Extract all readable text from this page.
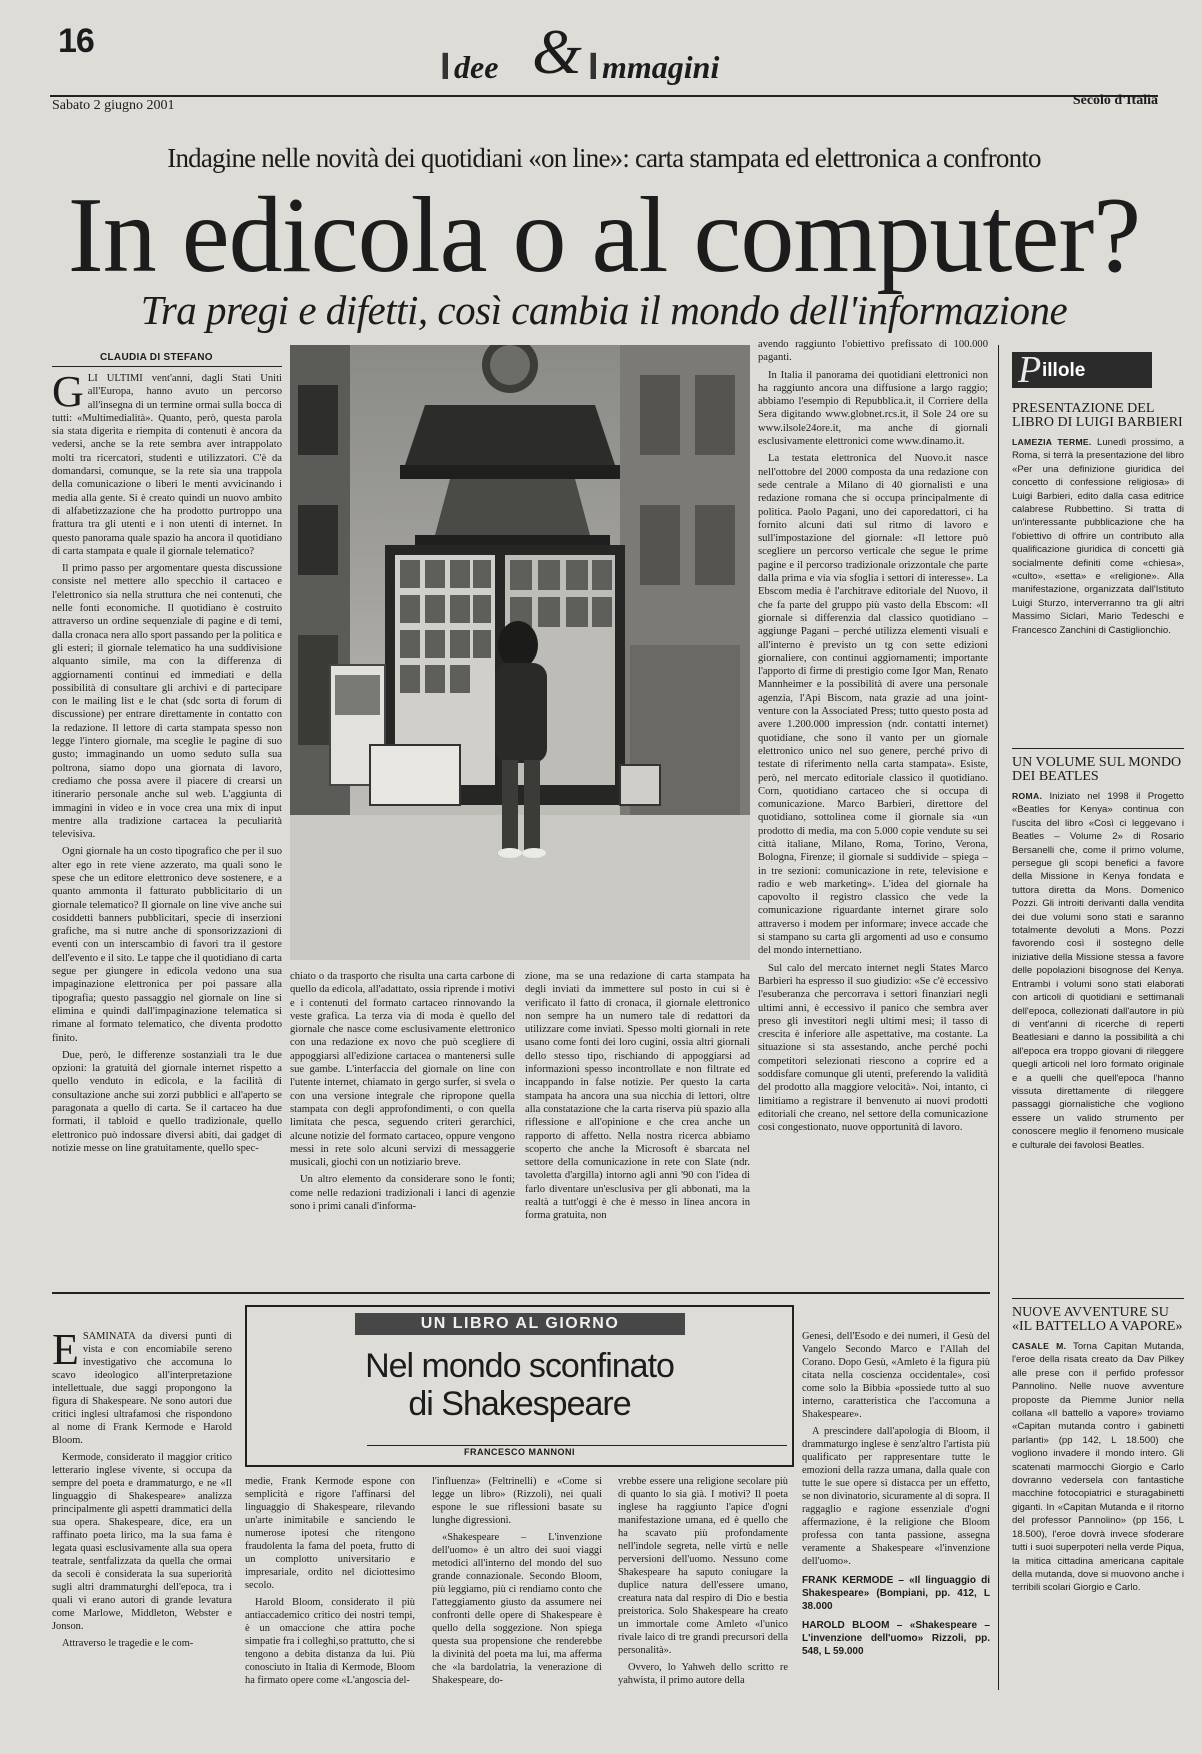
16
I dee & I mmagini
Sabato 2 giugno 2001	Secolo d'Italia
Indagine nelle novità dei quotidiani «on line»: carta stampata ed elettronica a confronto
In edicola o al computer?
Tra pregi e difetti, così cambia il mondo dell'informazione
CLAUDIA DI STEFANO

GLI ULTIMI vent'anni, dagli Stati Uniti all'Europa, hanno avuto un percorso all'insegna di un termine ormai sulla bocca di tutti: «Multimedialità». Quanto, però, questa parola sia stata digerita e riempita di contenuti è ancora da vedersi, anche se la rete sembra aver intrappolato molti tra ricercatori, studenti e utilizzatori. C'è da domandarsi, comunque, se la rete sia una trappola della comunicazione o liberi le menti avvicinando i media alla gente. Si è creato quindi un nuovo ambito di alfabetizzazione che ha prodotto purtroppo una frattura tra gli utenti e i non utenti di internet. In questo panorama quale spazio ha ancora il quotidiano di carta stampata e quale il giornale telematico?

Il primo passo per argomentare questa discussione consiste nel mettere allo specchio il cartaceo e l'elettronico sia nella struttura che nei contenuti, che nelle fonti economiche. Il quotidiano è costruito attraverso un ordine sequenziale di pagine e di temi, dalla cronaca nera allo sport passando per la politica e gli esteri; il giornale telematico ha una suddivisione alquanto simile, ma con la differenza di aggiornamenti continui ed immediati e della possibilità di consultare gli archivi e di partecipare con le mailing list e le chat (sdc sorta di forum di discussione) per entrare direttamente in contatto con la redazione. Il lettore di carta stampata spesso non legge l'intero giornale, ma sceglie le pagine di suo gusto; immaginando un uomo seduto sulla sua poltrona, siamo dopo una giornata di lavoro, crediamo che possa avere il piacere di crearsi un itinerario personale anche sul web. L'aggiunta di immagini in video e in voce crea una mix di input mentre alla tradizione cartacea la peculiarità televisiva.

Ogni giornale ha un costo tipografico che per il suo alter ego in rete viene azzerato, ma quali sono le spese che un editore elettronico deve sostenere, e a quanto ammonta il fatturato pubblicitario di un giornale telematico? Il giornale on line vive anche sui cosiddetti banners pubblicitari, specie di inserzioni grafiche, ma si nutre anche di sponsorizzazioni di eventi con un interscambio di favori tra il gestore dell'evento e il sito. Le tappe che il quotidiano di carta segue per giungere in edicola vedono una sua impaginazione elettronica per poi passare alla tipografia; questo passaggio nel giornale on line si elimina e quindi dall'impaginazione telematica si rimane al formato telematico, che diventa prodotto finito.

Due, però, le differenze sostanziali tra le due opzioni: la gratuità del giornale internet rispetto a quello venduto in edicola, e la facilità di consultazione anche sui zorzi pubblici e all'aperto se paragonata a quello di carta. Se il cartaceo ha due formati, il tabloid e quello tradizionale, quello elettronico può indossare diversi abiti, dai gadget di notizie messe on line gratuitamente, quello spec-

chiato o da trasporto che risulta una carta carbone di quello da edicola, all'adattato, ossia riprende i motivi e i contenuti del formato cartaceo rinnovando la veste grafica. La terza via di moda è quello del giornale che nasce come esclusivamente elettronico con una redazione ex novo che può scegliere di appoggiarsi all'edizione cartacea o mantenersi sulle sue gambe. L'interfaccia del giornale on line con l'utente internet, chiamato in gergo surfer, si svela o con una versione integrale che ripropone quella stampata con degli approfondimenti, o con quella limitata che pesca, seguendo criteri gerarchici, alcune notizie del formato cartaceo, oppure vengono messi in rete solo alcuni servizi di messaggerie musicali, giochi con un notiziario breve.

Un altro elemento da considerare sono le fonti; come nelle redazioni tradizionali i lanci di agenzie sono i primi canali d'informa-

zione, ma se una redazione di carta stampata ha degli inviati da immettere sul posto in cui si è verificato il fatto di cronaca, il giornale elettronico non sempre ha un numero tale di redattori da utilizzare come inviati. Spesso molti giornali in rete usano come fonti dei loro cugini, ossia altri giornali dello stesso tipo, rischiando di appoggiarsi ad informazioni spesso incontrollate e non filtrate ed incappando in false notizie. Per questo la carta stampata ha ancora una sua nicchia di lettori, oltre alla constatazione che la carta riserva più spazio alla riflessione e all'opinione e che crea anche un rapporto di affetto. Nella nostra ricerca abbiamo scoperto che anche la Microsoft è sbarcata nel settore della comunicazione in rete con Slate (ndr. tavoletta d'argilla) intorno agli anni '90 con l'idea di farlo diventare un'esclusiva per gli abbonati, ma la realtà a tutt'oggi è che è messo in linea ancora in forma gratuita, non

avendo raggiunto l'obiettivo prefissato di 100.000 paganti.

In Italia il panorama dei quotidiani elettronici non ha raggiunto ancora una diffusione a largo raggio; abbiamo l'esempio di Repubblica.it, il Corriere della Sera digitando www.globnet.rcs.it, il Sole 24 ore su www.ilsole24ore.it, ma anche di giornali esclusivamente elettronici come www.dinamo.it.

La testata elettronica del Nuovo.it nasce nell'ottobre del 2000 composta da una redazione con sede centrale a Milano di 40 giornalisti e una redazione romana che si occupa principalmente di politica. Paolo Pagani, uno dei caporedattori, ci ha fornito alcuni dati sul ritmo di lavoro e sull'impostazione del giornale: «Il lettore può scegliere un percorso verticale che segue le prime pagine e il percorso tradizionale orizzontale che parte dalla prima e via via sfoglia i settori di interesse». La Ebscom media è l'architrave editoriale del Nuovo, il che fa parte del gruppo più vasto della Ebscom: «Il giornale si differenzia dal classico quotidiano – aggiunge Pagani – perché utilizza elementi visuali e all'interno è previsto un tg con sette edizioni giornaliere, con continui aggiornamenti; importante l'apporto di firme di prestigio come Igor Man, Renato Mannheimer e la possibilità di avere una personale agenzia, l'Api Biscom, nata grazie ad una joint-venture con la Associated Press; tutto questo posta ad avere 1.200.000 impression (ndr. contatti internet) quotidiane, che sono il vanto per un giornale elettronico unico nel suo genere, perché privo di testate di riferimento nella carta stampata». Esiste, però, nel mercato editoriale classico il quotidiano. Corn, quotidiano cartaceo che si occupa di comunicazione. Marco Barbieri, direttore del quotidiano, sottolinea come il giornale sia «un prodotto di media, ma con 5.000 copie vendute su sei città italiane, Milano, Roma, Torino, Verona, Bologna, Firenze; il giornale si suddivide – spiega – in tre sezioni: comunicazione in rete, televisione e radio e web marketing». L'idea del giornale ha capovolto il registro classico che vede la comunicazione riguardante internet girare solo attraverso i modem per informare; invece accade che si stampano su carta gli argomenti ad uso e consumo del mondo internettiano.

Sul calo del mercato internet negli States Marco Barbieri ha espresso il suo giudizio: «Se c'è eccessivo l'esuberanza che percorrava i settori finanziari negli ultimi anni, è eccessivo il panico che sembra aver preso gli investitori negli ultimi mesi; il tasso di crescita è inferiore alle aspettative, ma costante. La situazione si sta assestando, anche perché pochi competitori selezionati riescono a coprire ed a soddisfare comunque gli utenti, preferendo la validità del prodotto alla maggiore velocità». Noi, intanto, ci limitiamo a registrare il benvenuto ai nuovi prodotti editoriali che creano, nel settore della comunicazione così congestionato, nuove opportunità di lavoro.

P illole
PRESENTAZIONE DEL LIBRO DI LUIGI BARBIERI
LAMEZIA TERME. Lunedì prossimo, a Roma, si terrà la presentazione del libro «Per una definizione giuridica del concetto di confessione religiosa» di Luigi Barbieri, edito dalla casa editrice calabrese Rubbettino. Si tratta di un'interessante pubblicazione che ha l'obiettivo di offrire un contributo alla qualificazione giuridica di concetti già socialmente definiti come «chiesa», «culto», «setta» e «religione». Alla manifestazione, organizzata dall'Istituto Luigi Sturzo, interverranno tra gli altri Massimo Siclari, Mario Tedeschi e Francesco Zanchini di Castiglionchio.
UN VOLUME SUL MONDO DEI BEATLES
ROMA. Iniziato nel 1998 il Progetto «Beatles for Kenya» continua con l'uscita del libro «Così ci leggevano i Beatles – Volume 2» di Rosario Bersanelli che, come il primo volume, persegue gli scopi benefici a favore della Missione in Kenya fondata e tuttora diretta da Mons. Domenico Pozzi. Gli introiti derivanti dalla vendita dei due volumi sono stati e saranno totalmente devoluti a Mons. Pozzi favorendo così il sostegno delle iniziative della Missione stessa a favore delle popolazioni bisognose del Kenya. Entrambi i volumi sono stati elaborati con articoli di quotidiani e settimanali dell'epoca, collezionati dall'autore in più di vent'anni di ricerche di reperti Beatlesiani e danno la possibilità a chi all'epoca era troppo giovani di rileggere quegli articoli nel loro formato originale e a quelli che quell'epoca l'hanno vissuta direttamente di rileggere passaggi giornalistiche che vogliono essere un valido strumento per conoscere meglio il fenomeno musicale e culturale dei favolosi Beatles.
NUOVE AVVENTURE SU «IL BATTELLO A VAPORE»
CASALE M. Torna Capitan Mutanda, l'eroe della risata creato da Dav Pilkey alle prese con il perfido professor Pannolino. Nelle nuove avventure proposte da Piemme Junior nella collana «Il battello a vapore» troviamo «Capitan mutanda contro i gabinetti parlanti» (pp 142, L 18.500) che vogliono invadere il mondo intero. Gli scatenati marmocchi Giorgio e Carlo dovranno vedersela con fantastiche macchine fotocopiatrici e sturagabinetti giganti. In «Capitan Mutanda e il ritorno del professor Pannolino» (pp 156, L 18.500), l'eroe dovrà invece sfoderare tutti i suoi superpoteri nella verde Piqua, la mitica cittadina americana capitale della mutanda, dove si muovono anche i terribili scolari Giorgio e Carlo.
UN LIBRO AL GIORNO
Nel mondo sconfinato
di Shakespeare
FRANCESCO MANNONI

ESAMINATA da diversi punti di vista e con encomiabile sereno investigativo che accomuna lo scavo ideologico all'interpretazione intellettuale, due saggi propongono la figura di Shakespeare. Ne sono autori due critici inglesi ultrafamosi che rispondono al nome di Frank Kermode e Harold Bloom.

Kermode, considerato il maggior critico letterario inglese vivente, si occupa da sempre del poeta e drammaturgo, e ne «Il linguaggio di Shakespeare» analizza principalmente gli aspetti drammatici della sua opera. Shakespeare, dice, era un raffinato poeta lirico, ma la sua fama è legata quasi esclusivamente alla sua opera teatrale, sentfalizzata da quella che ormai da secoli è considerata la sua superiorità sugli altri drammaturghi dell'epoca, tra i quali vi erano autori di grande levatura come Marlowe, Middleton, Webster e Jonson.

Attraverso le tragedie e le com-

medie, Frank Kermode espone con semplicità e rigore l'affinarsi del linguaggio di Shakespeare, rilevando un'arte inimitabile e sanciendo le numerose ipotesi che ritengono fraudolenta la fama del poeta, frutto di un complotto universitario e impresariale, ordito nel diciottesimo secolo.

Harold Bloom, considerato il più antiaccademico critico dei nostri tempi, è un omaccione che attira poche simpatie fra i colleghi,so prattutto, che si tengono a debita distanza da lui. Più conosciuto in Italia di Kermode, Bloom ha firmato opere come «L'angoscia del-

l'influenza» (Feltrinelli) e «Come si legge un libro» (Rizzoli), nei quali espone le sue riflessioni basate su lunghe digressioni.

«Shakespeare – L'invenzione dell'uomo» è un altro dei suoi viaggi metodici all'interno del mondo del suo grande connazionale. Secondo Bloom, più leggiamo, più ci rendiamo conto che l'atteggiamento giusto da assumere nei confronti delle opere di Shakespeare è quello della soggezione. Non spiega questa sua propensione che renderebbe la divinità del poeta ma lui, ma afferma che «la bardolatria, la venerazione di Shakespeare, do-

vrebbe essere una religione secolare più di quanto lo sia già. I motivi? Il poeta inglese ha raggiunto l'apice d'ogni manifestazione umana, ed è quello che ha scavato più profondamente nell'indole segreta, nelle virtù e nelle perversioni dell'uomo. Nessuno come Shakespeare ha saputo coniugare la duplice natura dell'essere umano, creatura nata dal respiro di Dio e bestia preistorica. Solo Shakespeare ha creato un immortale come Amleto «l'unico rivale laico di tre grandi precursori della personalità».

Ovvero, lo Yahweh dello scritto re yahwista, il primo autore della

Genesi, dell'Esodo e dei numeri, il Gesù del Vangelo Secondo Marco e l'Allah del Corano. Dopo Gesù, «Amleto è la figura più citata nella coscienza occidentale», così come solo la Bibbia «possiede tutto al suo interno, caratteristica che l'accomuna a Shakespeare».

A prescindere dall'apologia di Bloom, il drammaturgo inglese è senz'altro l'artista più qualificato per rappresentare tutte le emozioni della razza umana, dalla quale con tutte le sue opere si distacca per un effetto, se non divinatorio, sicuramente al di sopra. Il raggaglio e ragione essenziale d'ogni affermazione, è la religione che Bloom professa con tanta passione, assegna veramente a Shakespeare «l'invenzione dell'uomo».

FRANK KERMODE – «Il linguaggio di Shakespeare» (Bompiani, pp. 412, L 38.000
HAROLD BLOOM – «Shakespeare – L'invenzione dell'uomo» Rizzoli, pp. 548, L 59.000
